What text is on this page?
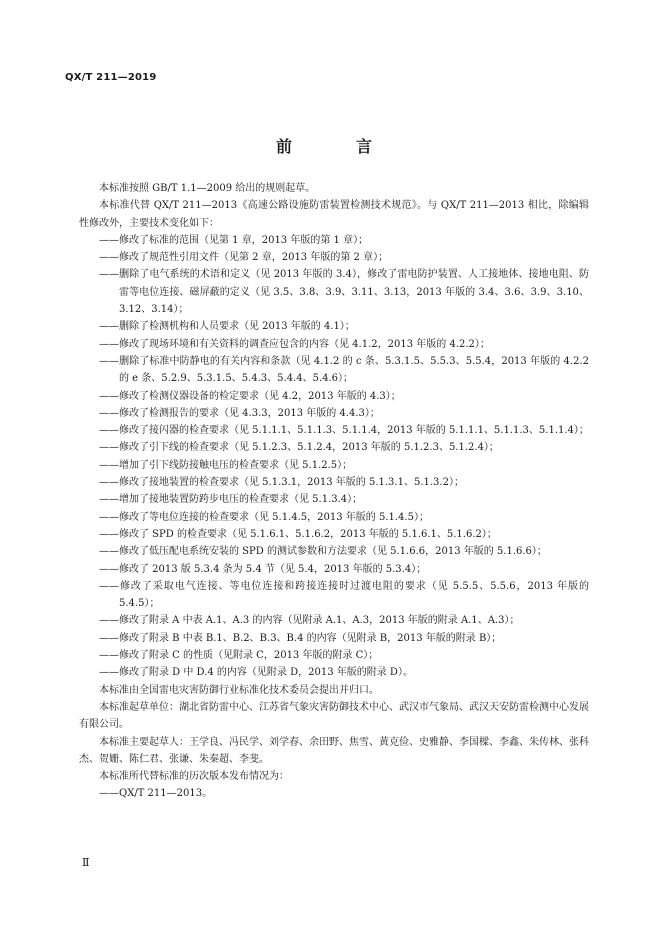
QX/T 211—2019
前　言

本标准按照 GB/T 1.1—2009 给出的规则起草。

本标准代替 QX/T 211—2013《高速公路设施防雷装置检测技术规范》。与 QX/T 211—2013 相比，除编辑性修改外，主要技术变化如下：

——修改了标准的范围（见第 1 章，2013 年版的第 1 章）；

——修改了规范性引用文件（见第 2 章，2013 年版的第 2 章）；

——删除了电气系统的术语和定义（见 2013 年版的 3.4），修改了雷电防护装置、人工接地体、接地电阻、防雷等电位连接、磁屏蔽的定义（见 3.5、3.8、3.9、3.11、3.13，2013 年版的 3.4、3.6、3.9、3.10、3.12、3.14）；

——删除了检测机构和人员要求（见 2013 年版的 4.1）；

——修改了现场环境和有关资料的调查应包含的内容（见 4.1.2，2013 年版的 4.2.2）；

——删除了标准中防静电的有关内容和条款（见 4.1.2 的 c 条、5.3.1.5、5.5.3、5.5.4，2013 年版的 4.2.2 的 e 条、5.2.9、5.3.1.5、5.4.3、5.4.4、5.4.6）；

——修改了检测仪器设备的检定要求（见 4.2，2013 年版的 4.3）；

——修改了检测报告的要求（见 4.3.3，2013 年版的 4.4.3）；

——修改了接闪器的检查要求（见 5.1.1.1、5.1.1.3、5.1.1.4，2013 年版的 5.1.1.1、5.1.1.3、5.1.1.4）；

——修改了引下线的检查要求（见 5.1.2.3、5.1.2.4，2013 年版的 5.1.2.3、5.1.2.4）；

——增加了引下线防接触电压的检查要求（见 5.1.2.5）；

——修改了接地装置的检查要求（见 5.1.3.1，2013 年版的 5.1.3.1、5.1.3.2）；

——增加了接地装置防跨步电压的检查要求（见 5.1.3.4）；

——修改了等电位连接的检查要求（见 5.1.4.5，2013 年版的 5.1.4.5）；

——修改了 SPD 的检查要求（见 5.1.6.1、5.1.6.2，2013 年版的 5.1.6.1、5.1.6.2）；

——修改了低压配电系统安装的 SPD 的测试参数和方法要求（见 5.1.6.6，2013 年版的 5.1.6.6）；

——修改了 2013 版 5.3.4 条为 5.4 节（见 5.4，2013 年版的 5.3.4）；

——修改了采取电气连接、等电位连接和跨接连接时过渡电阻的要求（见 5.5.5、5.5.6，2013 年版的 5.4.5）；

——修改了附录 A 中表 A.1、A.3 的内容（见附录 A.1、A.3，2013 年版的附录 A.1、A.3）；

——修改了附录 B 中表 B.1、B.2、B.3、B.4 的内容（见附录 B，2013 年版的附录 B）；

——修改了附录 C 的性质（见附录 C，2013 年版的附录 C）；

——修改了附录 D 中 D.4 的内容（见附录 D，2013 年版的附录 D）。

本标准由全国雷电灾害防御行业标准化技术委员会提出并归口。

本标准起草单位：湖北省防雷中心、江苏省气象灾害防御技术中心、武汉市气象局、武汉天安防雷检测中心发展有限公司。

本标准主要起草人：王学良、冯民学、刘学春、余田野、焦雪、黄克俭、史雅静、李国樑、李鑫、朱传林、张科杰、贺姗、陈仁君、张谦、朱秦超、李斐。

本标准所代替标准的历次版本发布情况为：

——QX/T 211—2013。

Ⅱ
